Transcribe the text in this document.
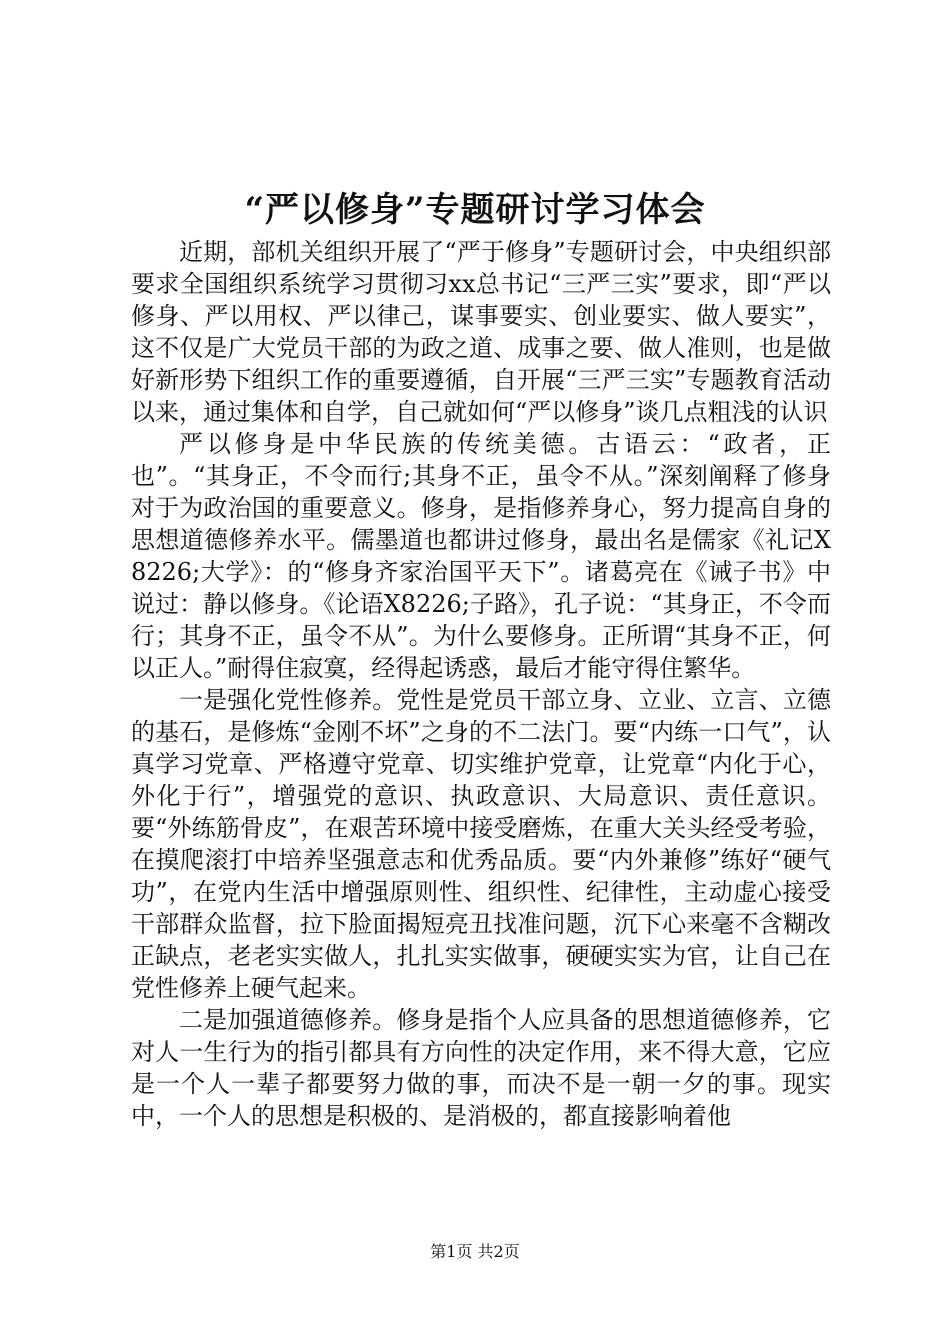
“严以修身”专题研讨学习体会

近期，部机关组织开展了“严于修身”专题研讨会，中央组织部要求全国组织系统学习贯彻习xx总书记“三严三实”要求，即“严以修身、严以用权、严以律己，谋事要实、创业要实、做人要实”，这不仅是广大党员干部的为政之道、成事之要、做人准则，也是做好新形势下组织工作的重要遵循，自开展“三严三实”专题教育活动以来，通过集体和自学，自己就如何“严以修身”谈几点粗浅的认识

严以修身是中华民族的传统美德。古语云：“政者，正也”。“其身正，不令而行;其身不正，虽令不从。”深刻阐释了修身对于为政治国的重要意义。修身，是指修养身心，努力提高自身的思想道德修养水平。儒墨道也都讲过修身，最出名是儒家《礼记X8226;大学》：的“修身齐家治国平天下”。诸葛亮在《诫子书》中说过：静以修身。《论语X8226;子路》，孔子说：“其身正，不令而行；其身不正，虽令不从”。为什么要修身。正所谓“其身不正，何以正人。”耐得住寂寞，经得起诱惑，最后才能守得住繁华。

一是强化党性修养。党性是党员干部立身、立业、立言、立德的基石，是修炼“金刚不坏”之身的不二法门。要“内练一口气”，认真学习党章、严格遵守党章、切实维护党章，让党章“内化于心，外化于行”，增强党的意识、执政意识、大局意识、责任意识。要“外练筋骨皮”，在艰苦环境中接受磨炼，在重大关头经受考验，在摸爬滚打中培养坚强意志和优秀品质。要“内外兼修”练好“硬气功”，在党内生活中增强原则性、组织性、纪律性，主动虚心接受干部群众监督，拉下脸面揭短亮丑找准问题，沉下心来毫不含糊改正缺点，老老实实做人，扎扎实实做事，硬硬实实为官，让自己在党性修养上硬气起来。

二是加强道德修养。修身是指个人应具备的思想道德修养，它对人一生行为的指引都具有方向性的决定作用，来不得大意，它应是一个人一辈子都要努力做的事，而决不是一朝一夕的事。现实中，一个人的思想是积极的、是消极的，都直接影响着他

第1页 共2页
